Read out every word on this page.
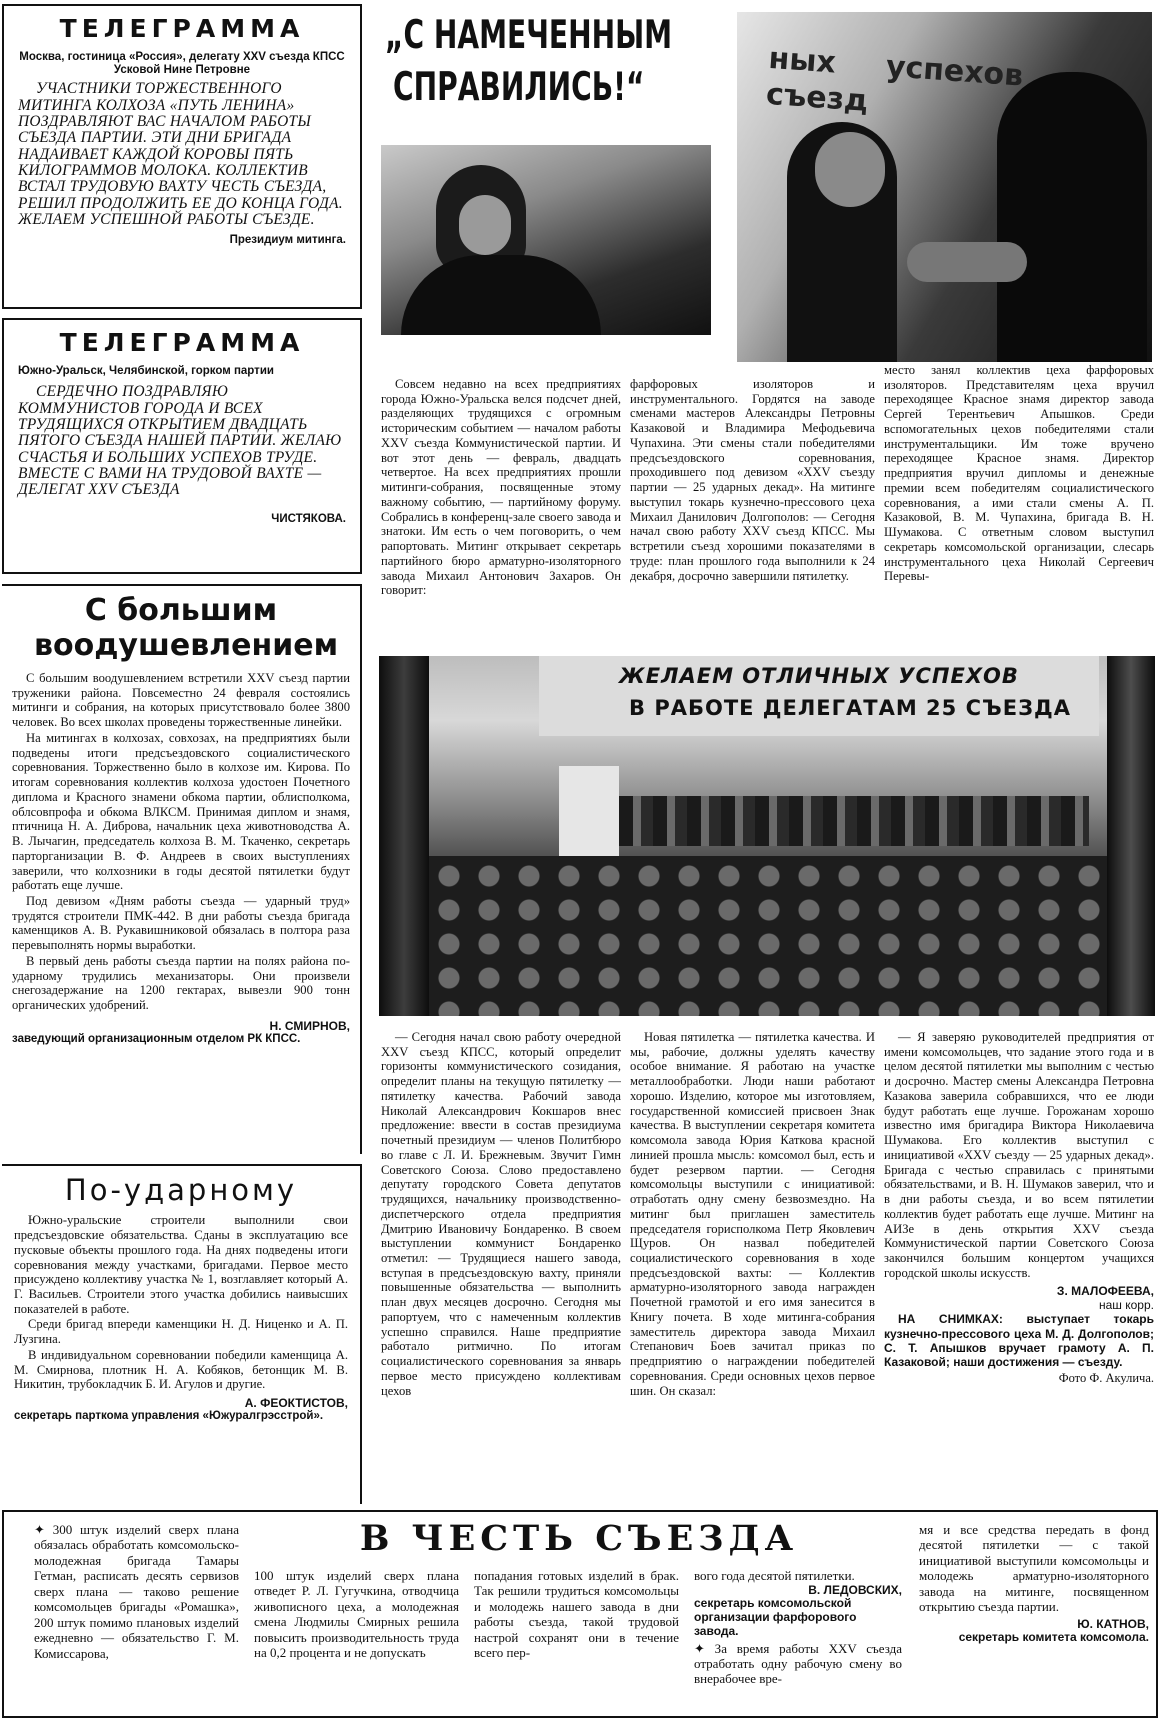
ТЕЛЕГРАММА
Москва, гостиница «Россия», делегату XXV съезда КПСС Усковой Нине Петровне
УЧАСТНИКИ ТОРЖЕСТВЕННОГО МИТИНГА КОЛХОЗА «ПУТЬ ЛЕНИНА» ПОЗДРАВЛЯЮТ ВАС НАЧАЛОМ РАБОТЫ СЪЕЗДА ПАРТИИ. ЭТИ ДНИ БРИГАДА НАДАИВАЕТ КАЖДОЙ КОРОВЫ ПЯТЬ КИЛОГРАММОВ МОЛОКА. КОЛЛЕКТИВ ВСТАЛ ТРУДОВУЮ ВАХТУ ЧЕСТЬ СЪЕЗДА, РЕШИЛ ПРОДОЛЖИТЬ ЕЕ ДО КОНЦА ГОДА. ЖЕЛАЕМ УСПЕШНОЙ РАБОТЫ СЪЕЗДЕ.
Президиум митинга.
ТЕЛЕГРАММА
Южно-Уральск, Челябинской, горком партии
СЕРДЕЧНО ПОЗДРАВЛЯЮ КОММУНИСТОВ ГОРОДА И ВСЕХ ТРУДЯЩИХСЯ ОТКРЫТИЕМ ДВАДЦАТЬ ПЯТОГО СЪЕЗДА НАШЕЙ ПАРТИИ. ЖЕЛАЮ СЧАСТЬЯ И БОЛЬШИХ УСПЕХОВ ТРУДЕ. ВМЕСТЕ С ВАМИ НА ТРУДОВОЙ ВАХТЕ — ДЕЛЕГАТ XXV СЪЕЗДА
ЧИСТЯКОВА.
С большим воодушевлением

С большим воодушевлением встретили XXV съезд партии труженики района. Повсеместно 24 февраля состоялись митинги и собрания, на которых присутствовало более 3800 человек. Во всех школах проведены торжественные линейки.

На митингах в колхозах, совхозах, на предприятиях были подведены итоги предсъездовского социалистического соревнования. Торжественно было в колхозе им. Кирова. По итогам соревнования коллектив колхоза удостоен Почетного диплома и Красного знамени обкома партии, облисполкома, облсовпрофа и обкома ВЛКСМ. Принимая диплом и знамя, птичница Н. А. Диброва, начальник цеха животноводства А. В. Лычагин, председатель колхоза В. М. Ткаченко, секретарь парторганизации В. Ф. Андреев в своих выступлениях заверили, что колхозники в годы десятой пятилетки будут работать еще лучше.

Под девизом «Дням работы съезда — ударный труд» трудятся строители ПМК-442. В дни работы съезда бригада каменщиков А. В. Рукавишниковой обязалась в полтора раза перевыполнять нормы выработки.

В первый день работы съезда партии на полях района по-ударному трудились механизаторы. Они произвели снегозадержание на 1200 гектарах, вывезли 900 тонн органических удобрений.

Н. СМИРНОВ,
заведующий организационным отделом РК КПСС.
По-ударному

Южно-уральские строители выполнили свои предсъездовские обязательства. Сданы в эксплуатацию все пусковые объекты прошлого года. На днях подведены итоги соревнования между участками, бригадами. Первое место присуждено коллективу участка № 1, возглавляет который А. Г. Васильев. Строители этого участка добились наивысших показателей в работе.

Среди бригад впереди каменщики Н. Д. Ниценко и А. П. Лузгина.

В индивидуальном соревновании победили каменщица А. М. Смирнова, плотник Н. А. Кобяков, бетонщик М. В. Никитин, трубокладчик Б. И. Агулов и другие.

А. ФЕОКТИСТОВ,
секретарь парткома управления «Южуралгрэсстрой».
„С НАМЕЧЕННЫМ
СПРАВИЛИСЬ!“	ных успехов съезд
Совсем недавно на всех предприятиях города Южно-Уральска велся подсчет дней, разделяющих трудящихся с огромным историческим событием — началом работы XXV съезда Коммунистической партии. И вот этот день — февраль, двадцать четвертое. На всех предприятиях прошли митинги-собрания, посвященные этому важному событию, — партийному форуму. Собрались в конференц-зале своего завода и знатоки. Им есть о чем поговорить, о чем рапортовать. Митинг открывает секретарь партийного бюро арматурно-изоляторного завода Михаил Антонович Захаров. Он говорит:
фарфоровых изоляторов и инструментального. Гордятся на заводе сменами мастеров Александры Петровны Казаковой и Владимира Мефодьевича Чупахина. Эти смены стали победителями предсъездовского соревнования, проходившего под девизом «XXV съезду партии — 25 ударных декад». На митинге выступил токарь кузнечно-прессового цеха Михаил Данилович Долгополов: — Сегодня начал свою работу XXV съезд КПСС. Мы встретили съезд хорошими показателями в труде: план прошлого года выполнили к 24 декабря, досрочно завершили пятилетку.
место занял коллектив цеха фарфоровых изоляторов. Представителям цеха вручил переходящее Красное знамя директор завода Сергей Терентьевич Апышков. Среди вспомогательных цехов победителями стали инструментальщики. Им тоже вручено переходящее Красное знамя. Директор предприятия вручил дипломы и денежные премии всем победителям социалистического соревнования, а ими стали смены А. П. Казаковой, В. М. Чупахина, бригада В. Н. Шумакова. С ответным словом выступил секретарь комсомольской организации, слесарь инструментального цеха Николай Сергеевич Перевы-
ЖЕЛАЕМ ОТЛИЧНЫХ УСПЕХОВ
В РАБОТЕ ДЕЛЕГАТАМ 25 СЪЕЗДА
— Сегодня начал свою работу очередной XXV съезд КПСС, который определит горизонты коммунистического созидания, определит планы на текущую пятилетку — пятилетку качества. Рабочий завода Николай Александрович Кокшаров внес предложение: ввести в состав президиума почетный президиум — членов Политбюро во главе с Л. И. Брежневым. Звучит Гимн Советского Союза. Слово предоставлено депутату городского Совета депутатов трудящихся, начальнику производственно-диспетчерского отдела предприятия Дмитрию Ивановичу Бондаренко. В своем выступлении коммунист Бондаренко отметил: — Трудящиеся нашего завода, вступая в предсъездовскую вахту, приняли повышенные обязательства — выполнить план двух месяцев досрочно. Сегодня мы рапортуем, что с намеченным коллектив успешно справился. Наше предприятие работало ритмично. По итогам социалистического соревнования за январь первое место присуждено коллективам цехов
Новая пятилетка — пятилетка качества. И мы, рабочие, должны уделять качеству особое внимание. Я работаю на участке металлообработки. Люди наши работают хорошо. Изделию, которое мы изготовляем, государственной комиссией присвоен Знак качества. В выступлении секретаря комитета комсомола завода Юрия Каткова красной линией прошла мысль: комсомол был, есть и будет резервом партии. — Сегодня комсомольцы выступили с инициативой: отработать одну смену безвозмездно. На митинг был приглашен заместитель председателя горисполкома Петр Яковлевич Щуров. Он назвал победителей социалистического соревнования в ходе предсъездовской вахты: — Коллектив арматурно-изоляторного завода награжден Почетной грамотой и его имя занесится в Книгу почета. В ходе митинга-собрания заместитель директора завода Михаил Степанович Боев зачитал приказ по предприятию о награждении победителей соревнования. Среди основных цехов первое шин. Он сказал:
— Я заверяю руководителей предприятия от имени комсомольцев, что задание этого года и в целом десятой пятилетки мы выполним с честью и досрочно. Мастер смены Александра Петровна Казакова заверила собравшихся, что ее люди будут работать еще лучше. Горожанам хорошо известно имя бригадира Виктора Николаевича Шумакова. Его коллектив выступил с инициативой «XXV съезду — 25 ударных декад». Бригада с честью справилась с принятыми обязательствами, и В. Н. Шумаков заверил, что и в дни работы съезда, и во всем пятилетии коллектив будет работать еще лучше. Митинг на АИЗе в день открытия XXV съезда Коммунистической партии Советского Союза закончился большим концертом учащихся городской школы искусств.
З. МАЛОФЕЕВА,
наш корр.
НА СНИМКАХ: выступает токарь кузнечно-прессового цеха М. Д. Долгополов; С. Т. Апышков вручает грамоту А. П. Казаковой; наши достижения — съезду.
Фото Ф. Акулича.
✦ 300 штук изделий сверх плана обязалась обработать комсомольско-молодежная бригада Тамары Гетман, расписать десять сервизов сверх плана — таково решение комсомольцев бригады «Ромашка», 200 штук помимо плановых изделий ежедневно — обязательство Г. М. Комиссарова,
В ЧЕСТЬ СЪЕЗДА
100 штук изделий сверх плана отведет Р. Л. Гугучкина, отводчица живописного цеха, а молодежная смена Людмилы Смирных решила повысить производительность труда на 0,2 процента и не допускать
попадания готовых изделий в брак. Так решили трудиться комсомольцы и молодежь нашего завода в дни работы съезда, такой трудовой настрой сохранят они в течение всего пер-
вого года десятой пятилетки.
В. ЛЕДОВСКИХ,
секретарь комсомольской организации фарфорового завода.
✦ За время работы XXV съезда отработать одну рабочую смену во внерабочее вре-
мя и все средства передать в фонд десятой пятилетки — с такой инициативой выступили комсомольцы и молодежь арматурно-изоляторного завода на митинге, посвященном открытию съезда партии.
Ю. КАТНОВ,
секретарь комитета комсомола.
